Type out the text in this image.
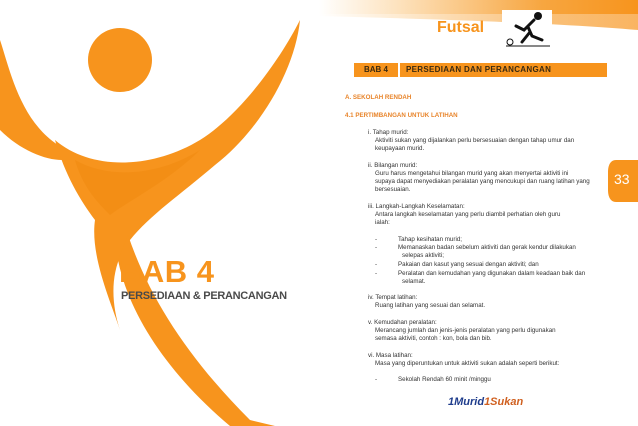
BAB 4
PERSEDIAAN & PERANCANGAN
Futsal
BAB 4	PERSEDIAAN DAN PERANCANGAN
A. SEKOLAH RENDAH
4.1 PERTIMBANGAN UNTUK LATIHAN
i. Tahap murid:
Aktiviti sukan yang dijalankan perlu bersesuaian dengan tahap umur dan
keupayaan murid.
ii. Bilangan murid:
Guru harus mengetahui bilangan murid yang akan menyertai aktiviti ini
supaya dapat menyediakan peralatan yang mencukupi dan ruang latihan yang
bersesuaian.
iii. Langkah-Langkah Keselamatan:
Antara langkah keselamatan yang perlu diambil perhatian oleh guru
ialah:
-	Tahap kesihatan murid;
-	Memanaskan badan sebelum aktiviti dan gerak kendur dilakukan
selepas aktiviti;
-	Pakaian dan kasut yang sesuai dengan aktiviti; dan
-	Peralatan dan kemudahan yang digunakan dalam keadaan baik dan
selamat.
iv. Tempat latihan:
Ruang latihan yang sesuai dan selamat.
v. Kemudahan peralatan:
Merancang jumlah dan jenis-jenis peralatan yang perlu digunakan
semasa aktiviti, contoh : kon, bola dan bib.
vi. Masa latihan:
Masa yang diperuntukan untuk aktiviti sukan adalah seperti berikut:
-	Sekolah Rendah 60 minit /minggu
33
1Murid1Sukan
